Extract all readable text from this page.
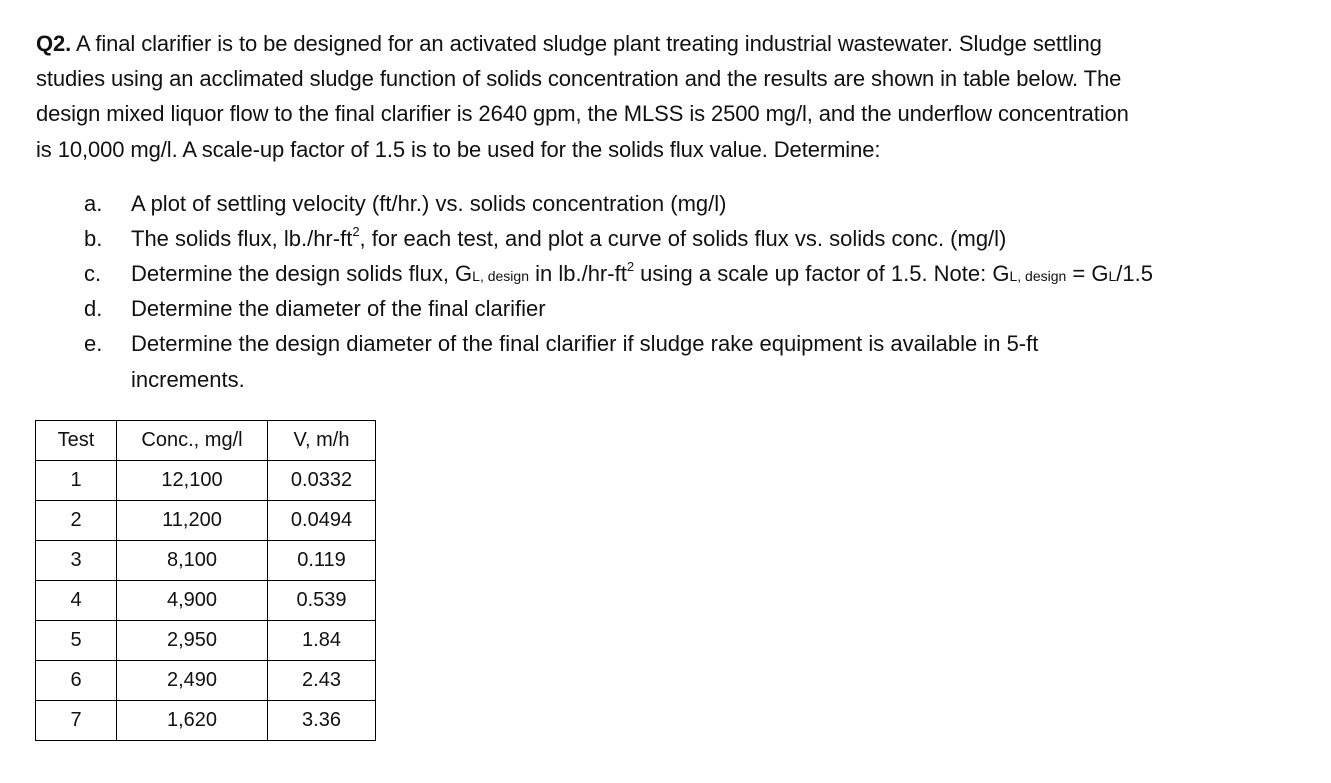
Q2. A final clarifier is to be designed for an activated sludge plant treating industrial wastewater. Sludge settling
studies using an acclimated sludge function of solids concentration and the results are shown in table below. The
design mixed liquor flow to the final clarifier is 2640 gpm, the MLSS is 2500 mg/l, and the underflow concentration
is 10,000 mg/l. A scale-up factor of 1.5 is to be used for the solids flux value. Determine:
a. A plot of settling velocity (ft/hr.) vs. solids concentration (mg/l)
b. The solids flux, $lb./hr-ft^2$, for each test, and plot a curve of solids flux vs. solids conc. (mg/l)
c. Determine the design solids flux, GL, design in $lb./hr-ft^2$ using a scale up factor of 1.5. Note: GL, design = GL/1.5
d. Determine the diameter of the final clarifier
e. Determine the design diameter of the final clarifier if sludge rake equipment is available in 5-ft
increments.
Test	Conc., mg/l	V, m/h
1	12,100	0.0332
2	11,200	0.0494
3	8,100	0.119
4	4,900	0.539
5	2,950	1.84
6	2,490	2.43
7	1,620	3.36
